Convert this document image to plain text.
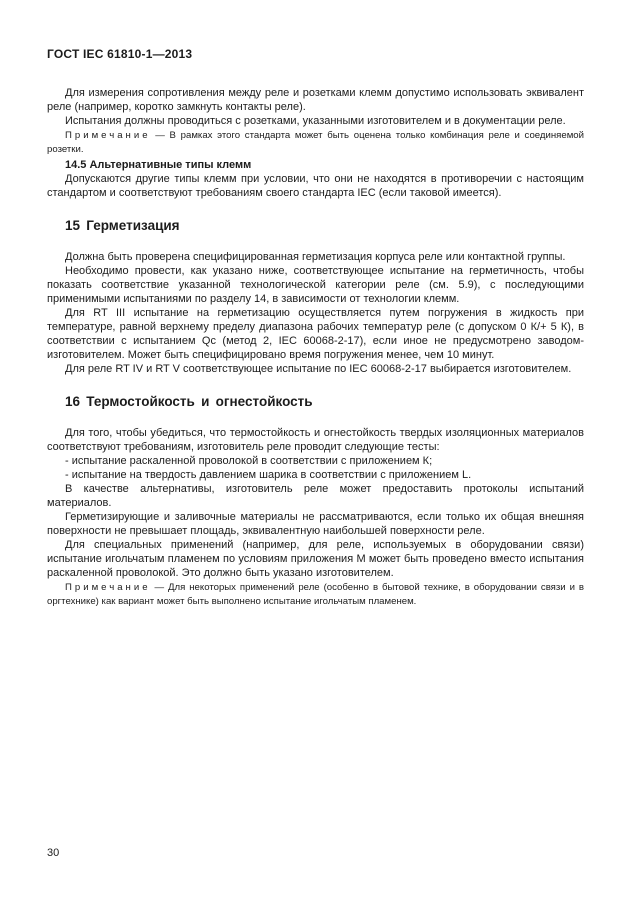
ГОСТ IEC 61810-1—2013

Для измерения сопротивления между реле и розетками клемм допустимо использовать эквивалент реле (например, коротко замкнуть контакты реле).

Испытания должны проводиться с розетками, указанными изготовителем и в документации реле.

Примечание — В рамках этого стандарта может быть оценена только комбинация реле и соединяемой розетки.

14.5 Альтернативные типы клемм

Допускаются другие типы клемм при условии, что они не находятся в противоречии с настоящим стандартом и соответствуют требованиям своего стандарта IEC (если таковой имеется).

15 Герметизация

Должна быть проверена специфицированная герметизация корпуса реле или контактной группы.

Необходимо провести, как указано ниже, соответствующее испытание на герметичность, чтобы показать соответствие указанной технологической категории реле (см. 5.9), с последующими применимыми испытаниями по разделу 14, в зависимости от технологии клемм.

Для RT III испытание на герметизацию осуществляется путем погружения в жидкость при температуре, равной верхнему пределу диапазона рабочих температур реле (с допуском 0 К/+ 5 К), в соответствии с испытанием Qc (метод 2, IEC 60068-2-17), если иное не предусмотрено заводом-изготовителем. Может быть специфицировано время погружения менее, чем 10 минут.

Для реле RT IV и RT V соответствующее испытание по IEC 60068-2-17 выбирается изготовителем.

16 Термостойкость и огнестойкость

Для того, чтобы убедиться, что термостойкость и огнестойкость твердых изоляционных материалов соответствуют требованиям, изготовитель реле проводит следующие тесты:

- испытание раскаленной проволокой в соответствии с приложением К;

- испытание на твердость давлением шарика в соответствии с приложением L.

В качестве альтернативы, изготовитель реле может предоставить протоколы испытаний материалов.

Герметизирующие и заливочные материалы не рассматриваются, если только их общая внешняя поверхности не превышает площадь, эквивалентную наибольшей поверхности реле.

Для специальных применений (например, для реле, используемых в оборудовании связи) испытание игольчатым пламенем по условиям приложения М может быть проведено вместо испытания раскаленной проволокой. Это должно быть указано изготовителем.

Примечание — Для некоторых применений реле (особенно в бытовой технике, в оборудовании связи и в оргтехнике) как вариант может быть выполнено испытание игольчатым пламенем.

30
